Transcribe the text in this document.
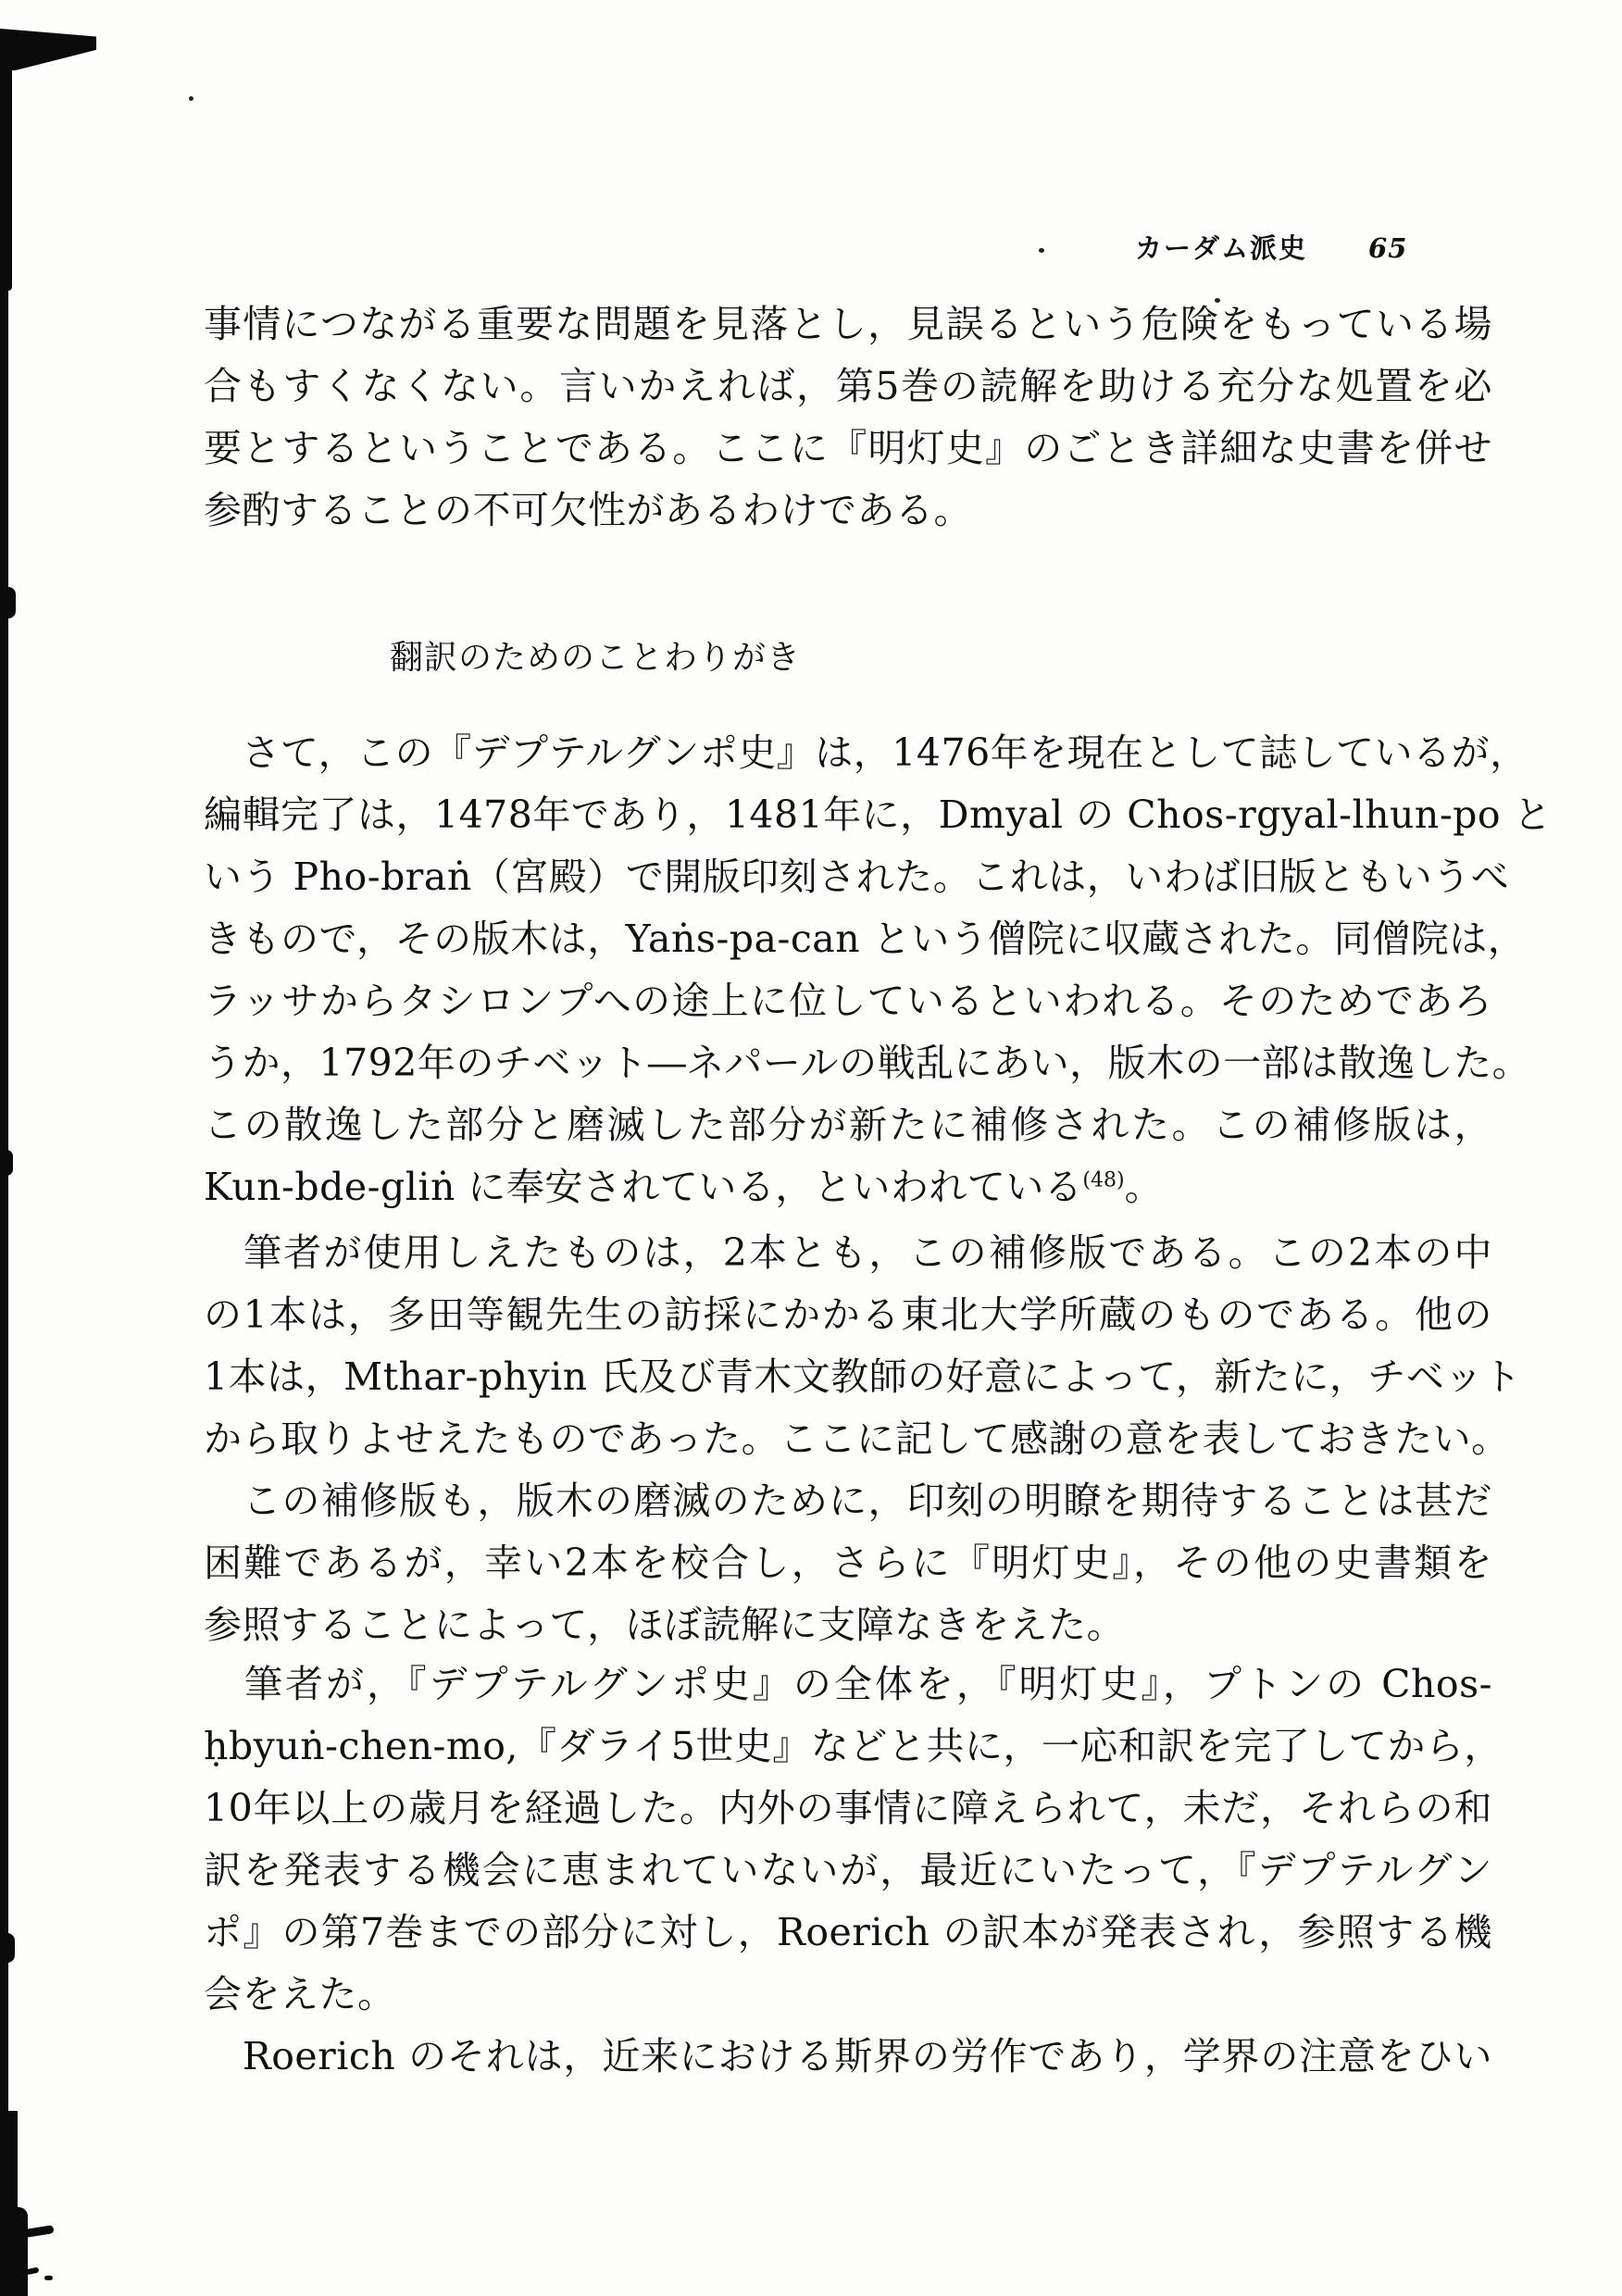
カーダム派史 65
事情につながる重要な問題を見落とし，見誤るという危険をもっている場
合もすくなくない。言いかえれば，第5巻の読解を助ける充分な処置を必
要とするということである。ここに『明灯史』のごとき詳細な史書を併せ
参酌することの不可欠性があるわけである。
翻訳のためのことわりがき
　さて，この『デプテルグンポ史』は，1476年を現在として誌しているが，
編輯完了は，1478年であり，1481年に，Dmyal の Chos-rgyal-lhun-po と
いう Pho-braṅ（宮殿）で開版印刻された。これは，いわば旧版ともいうべ
きもので，その版木は，Yaṅs-pa-can という僧院に収蔵された。同僧院は，
ラッサからタシロンプへの途上に位しているといわれる。そのためであろ
うか，1792年のチベット―ネパールの戦乱にあい，版木の一部は散逸した。
この散逸した部分と磨滅した部分が新たに補修された。この補修版は，
Kun-bde-gliṅ に奉安されている，といわれている$^{(48)}$。
　筆者が使用しえたものは，2本とも，この補修版である。この2本の中
の1本は，多田等観先生の訪採にかかる東北大学所蔵のものである。他の
1本は，Mthar-phyin 氏及び青木文教師の好意によって，新たに，チベット
から取りよせえたものであった。ここに記して感謝の意を表しておきたい。
　この補修版も，版木の磨滅のために，印刻の明瞭を期待することは甚だ
困難であるが，幸い2本を校合し，さらに『明灯史』，その他の史書類を
参照することによって，ほぼ読解に支障なきをえた。
　筆者が，『デプテルグンポ史』の全体を，『明灯史』，プトンの Chos-
ḥbyuṅ-chen-mo,『ダライ5世史』などと共に，一応和訳を完了してから，
10年以上の歳月を経過した。内外の事情に障えられて，未だ，それらの和
訳を発表する機会に恵まれていないが，最近にいたって，『デプテルグン
ポ』の第7巻までの部分に対し，Roerich の訳本が発表され，参照する機
会をえた。
　Roerich のそれは，近来における斯界の労作であり，学界の注意をひい
